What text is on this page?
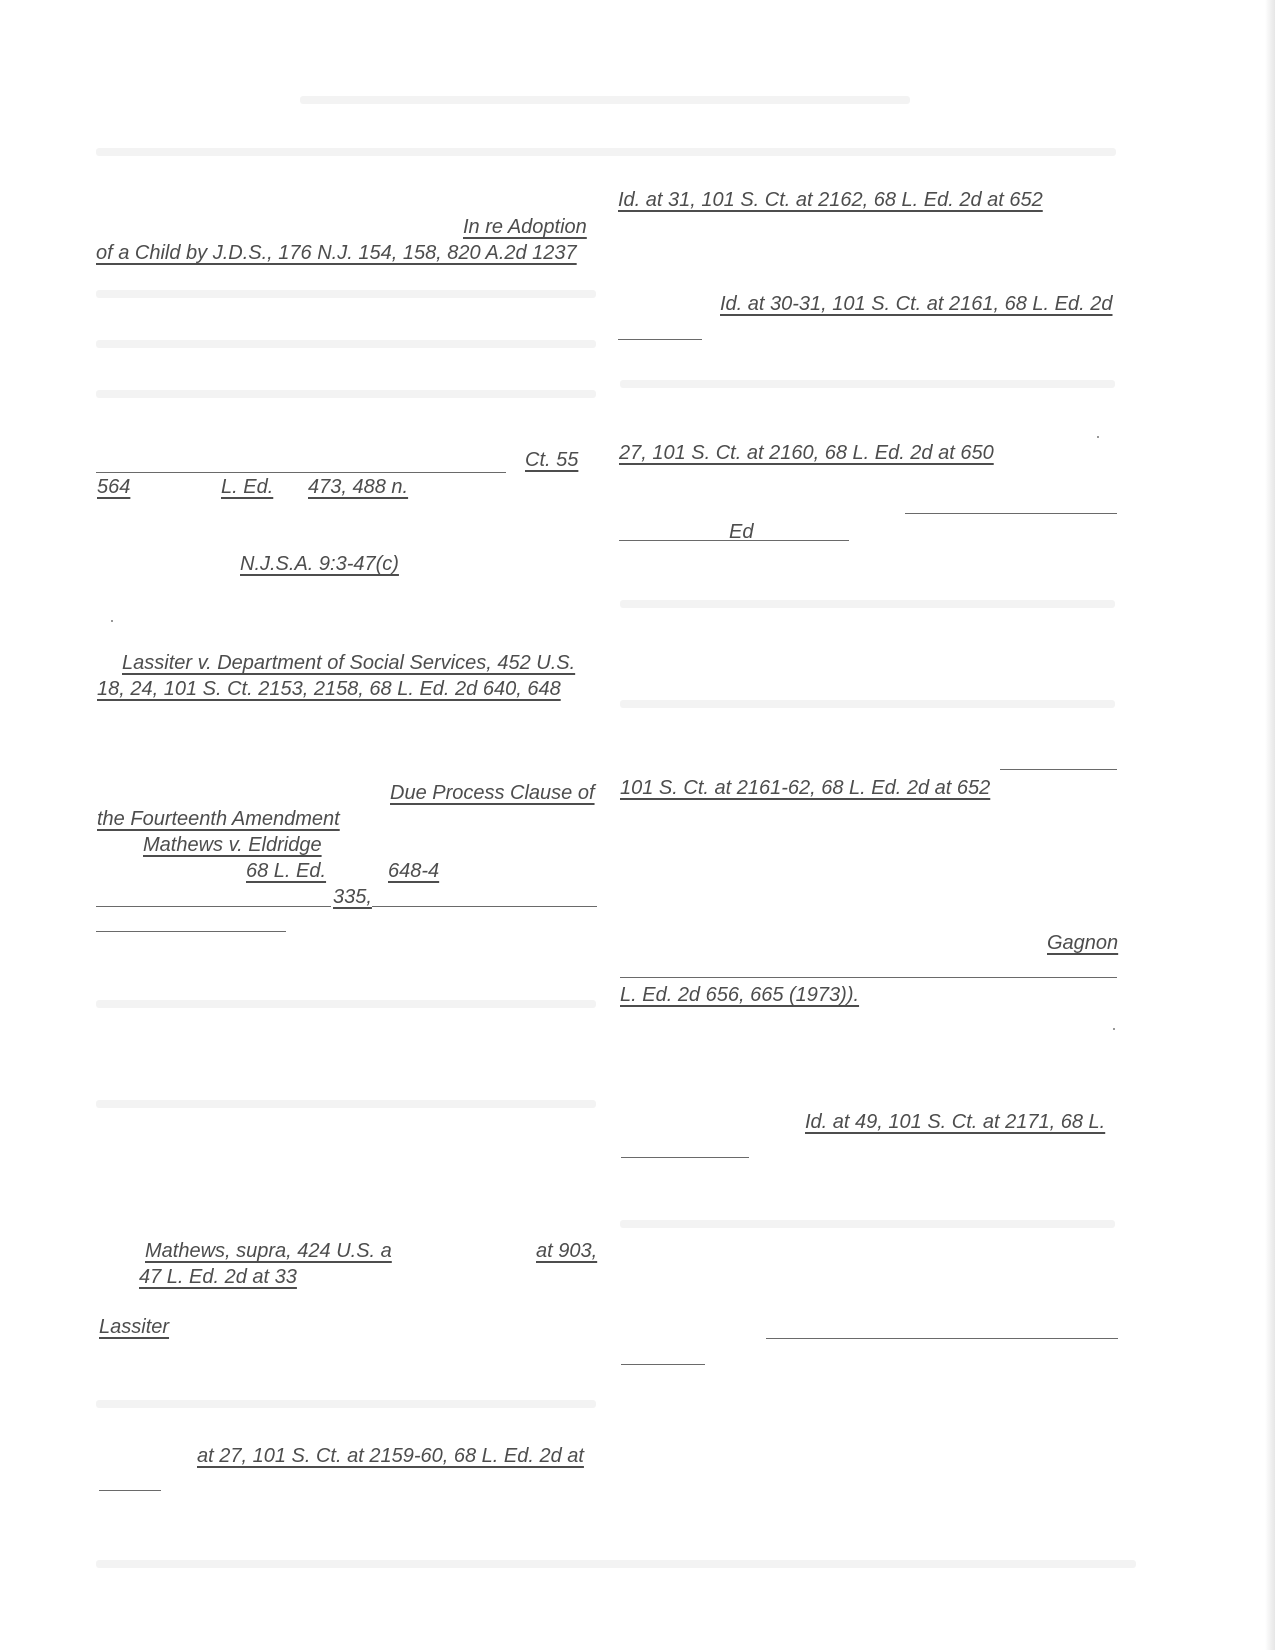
In re Adoption
of a Child by J.D.S., 176 N.J. 154, 158, 820 A.2d 1237
Ct. 55
564	L. Ed. 473, 488 n.
N.J.S.A. 9:3-47(c)
Lassiter v. Department of Social Services, 452 U.S.
18, 24, 101 S. Ct. 2153, 2158, 68 L. Ed. 2d 640, 648
Due Process Clause of
the Fourteenth Amendment
Mathews v. Eldridge
68 L. Ed.	648-4
335,
Mathews, supra, 424 U.S. a	at 903,
47 L. Ed. 2d at 33
Lassiter
at 27, 101 S. Ct. at 2159-60, 68 L. Ed. 2d at
Id. at 31, 101 S. Ct. at 2162, 68 L. Ed. 2d at 652
Id. at 30-31, 101 S. Ct. at 2161, 68 L. Ed. 2d
27, 101 S. Ct. at 2160, 68 L. Ed. 2d at 650
Ed
101 S. Ct. at 2161-62, 68 L. Ed. 2d at 652
Gagnon
L. Ed. 2d 656, 665 (1973)).
Id. at 49, 101 S. Ct. at 2171, 68 L.
